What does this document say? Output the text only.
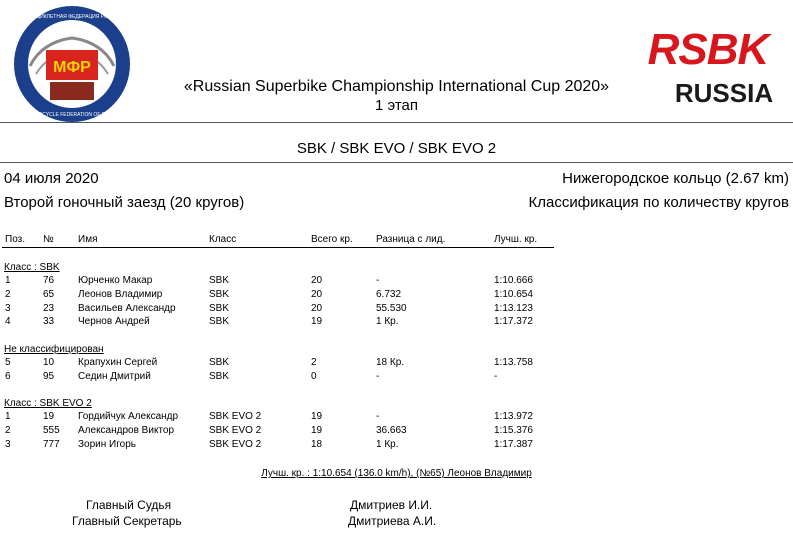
МФР
МОТОЦИКЛЕТНАЯ ФЕДЕРАЦИЯ РОССИИ
MOTORCYCLE FEDERATION OF RUSSIA
RSBK
RUSSIA
«Russian Superbike Championship International Cup 2020»
1 этап
SBK / SBK EVO / SBK EVO 2
04 июля 2020	Нижегородское кольцо (2.67 km)
Второй гоночный заезд (20 кругов)	Классификация по количеству кругов
Поз. № Имя	Класс	Всего кр. Разница с лид.	Лучш. кр.
Класс : SBK
1	76 Юрченко Макар	SBK	20	-	1:10.666
2	65 Леонов Владимир	SBK	20	6.732	1:10.654
3	23 Васильев Александр	SBK	20	55.530	1:13.123
4	33 Чернов Андрей	SBK	19	1 Кр.	1:17.372
Не классифицирован
5	10 Крапухин Сергей	SBK	2	18 Кр.	1:13.758
6	95 Седин Дмитрий	SBK	0	-	-
Класс : SBK EVO 2
1	19 Гордийчук Александр	SBK EVO 2	19	-	1:13.972
2	555 Александров Виктор	SBK EVO 2	19	36.663	1:15.376
3	777 Зорин Игорь	SBK EVO 2	18	1 Кр.	1:17.387
Лучш. кр. : 1:10.654 (136.0 km/h), (№65) Леонов Владимир
Главный Судья	Дмитриев И.И.
Главный Секретарь	Дмитриева А.И.
